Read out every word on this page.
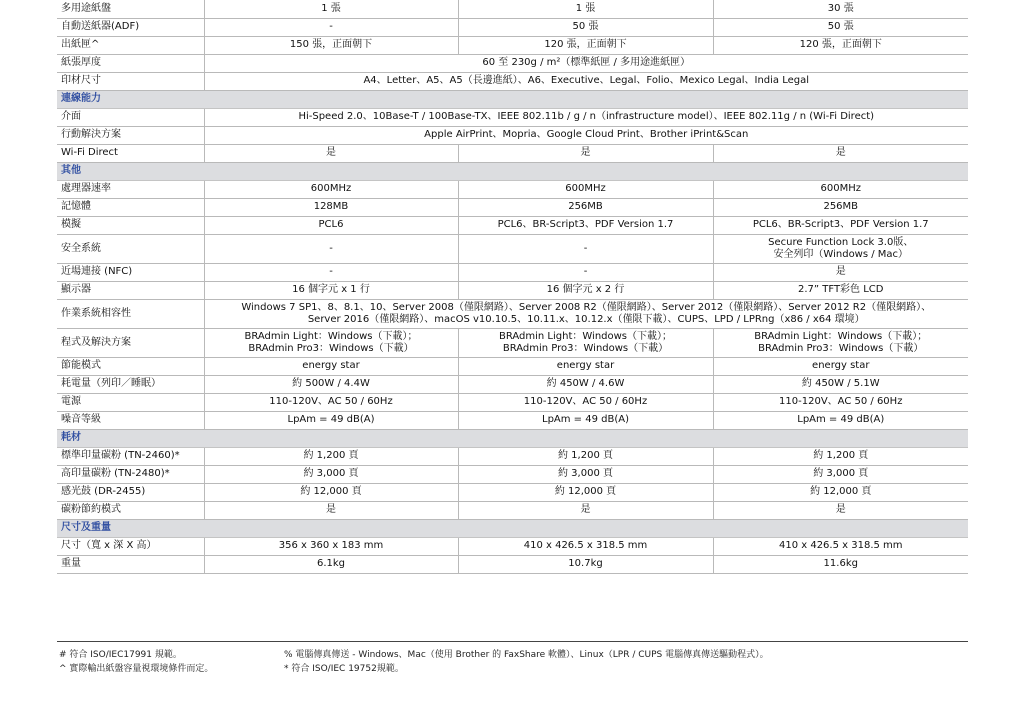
多用途紙盤	1 張	1 張	30 張
自動送紙器(ADF)	-	50 張	50 張
出紙匣^	150 張，正面朝下	120 張，正面朝下	120 張，正面朝下
紙張厚度	60 至 230g / m²（標準紙匣 / 多用途進紙匣）		
印材尺寸	A4、Letter、A5、A5（長邊進紙）、A6、Executive、Legal、Folio、Mexico Legal、India Legal		
連線能力			
介面	Hi-Speed 2.0、10Base-T / 100Base-TX、IEEE 802.11b / g / n（infrastructure model）、IEEE 802.11g / n (Wi-Fi Direct)		
行動解決方案	Apple AirPrint、Mopria、Google Cloud Print、Brother iPrint&Scan		
Wi-Fi Direct	是	是	是
其他			
處理器速率	600MHz	600MHz	600MHz
記憶體	128MB	256MB	256MB
模擬	PCL6	PCL6、BR-Script3、PDF Version 1.7	PCL6、BR-Script3、PDF Version 1.7
安全系統	-	-	Secure Function Lock 3.0版、
安全列印（Windows / Mac）
近場連接 (NFC)	-	-	是
顯示器	16 個字元 x 1 行	16 個字元 x 2 行	2.7” TFT彩色 LCD
作業系統相容性	Windows 7 SP1、8、8.1、10、Server 2008（僅限網路）、Server 2008 R2（僅限網路）、Server 2012（僅限網路）、Server 2012 R2（僅限網路）、
Server 2016（僅限網路）、macOS v10.10.5、10.11.x、10.12.x（僅限下載）、CUPS、LPD / LPRng（x86 / x64 環境）		
程式及解決方案	BRAdmin Light：Windows（下載）；
BRAdmin Pro3：Windows（下載）	BRAdmin Light：Windows（下載）；
BRAdmin Pro3：Windows（下載）	BRAdmin Light：Windows（下載）；
BRAdmin Pro3：Windows（下載）
節能模式	energy star	energy star	energy star
耗電量（列印／睡眠）	約 500W / 4.4W	約 450W / 4.6W	約 450W / 5.1W
電源	110-120V、AC 50 / 60Hz	110-120V、AC 50 / 60Hz	110-120V、AC 50 / 60Hz
噪音等級	LpAm = 49 dB(A)	LpAm = 49 dB(A)	LpAm = 49 dB(A)
耗材			
標準印量碳粉 (TN-2460)*	約 1,200 頁	約 1,200 頁	約 1,200 頁
高印量碳粉 (TN-2480)*	約 3,000 頁	約 3,000 頁	約 3,000 頁
感光鼓 (DR-2455)	約 12,000 頁	約 12,000 頁	約 12,000 頁
碳粉節約模式	是	是	是
尺寸及重量			
尺寸（寬 x 深 X 高）	356 x 360 x 183 mm	410 x 426.5 x 318.5 mm	410 x 426.5 x 318.5 mm
重量	6.1kg	10.7kg	11.6kg
# 符合 ISO/IEC17991 規範。
^ 實際輸出紙盤容量視環境條件而定。
% 電腦傳真傳送 - Windows、Mac（使用 Brother 的 FaxShare 軟體）、Linux（LPR / CUPS 電腦傳真傳送驅動程式）。
* 符合 ISO/IEC 19752規範。
